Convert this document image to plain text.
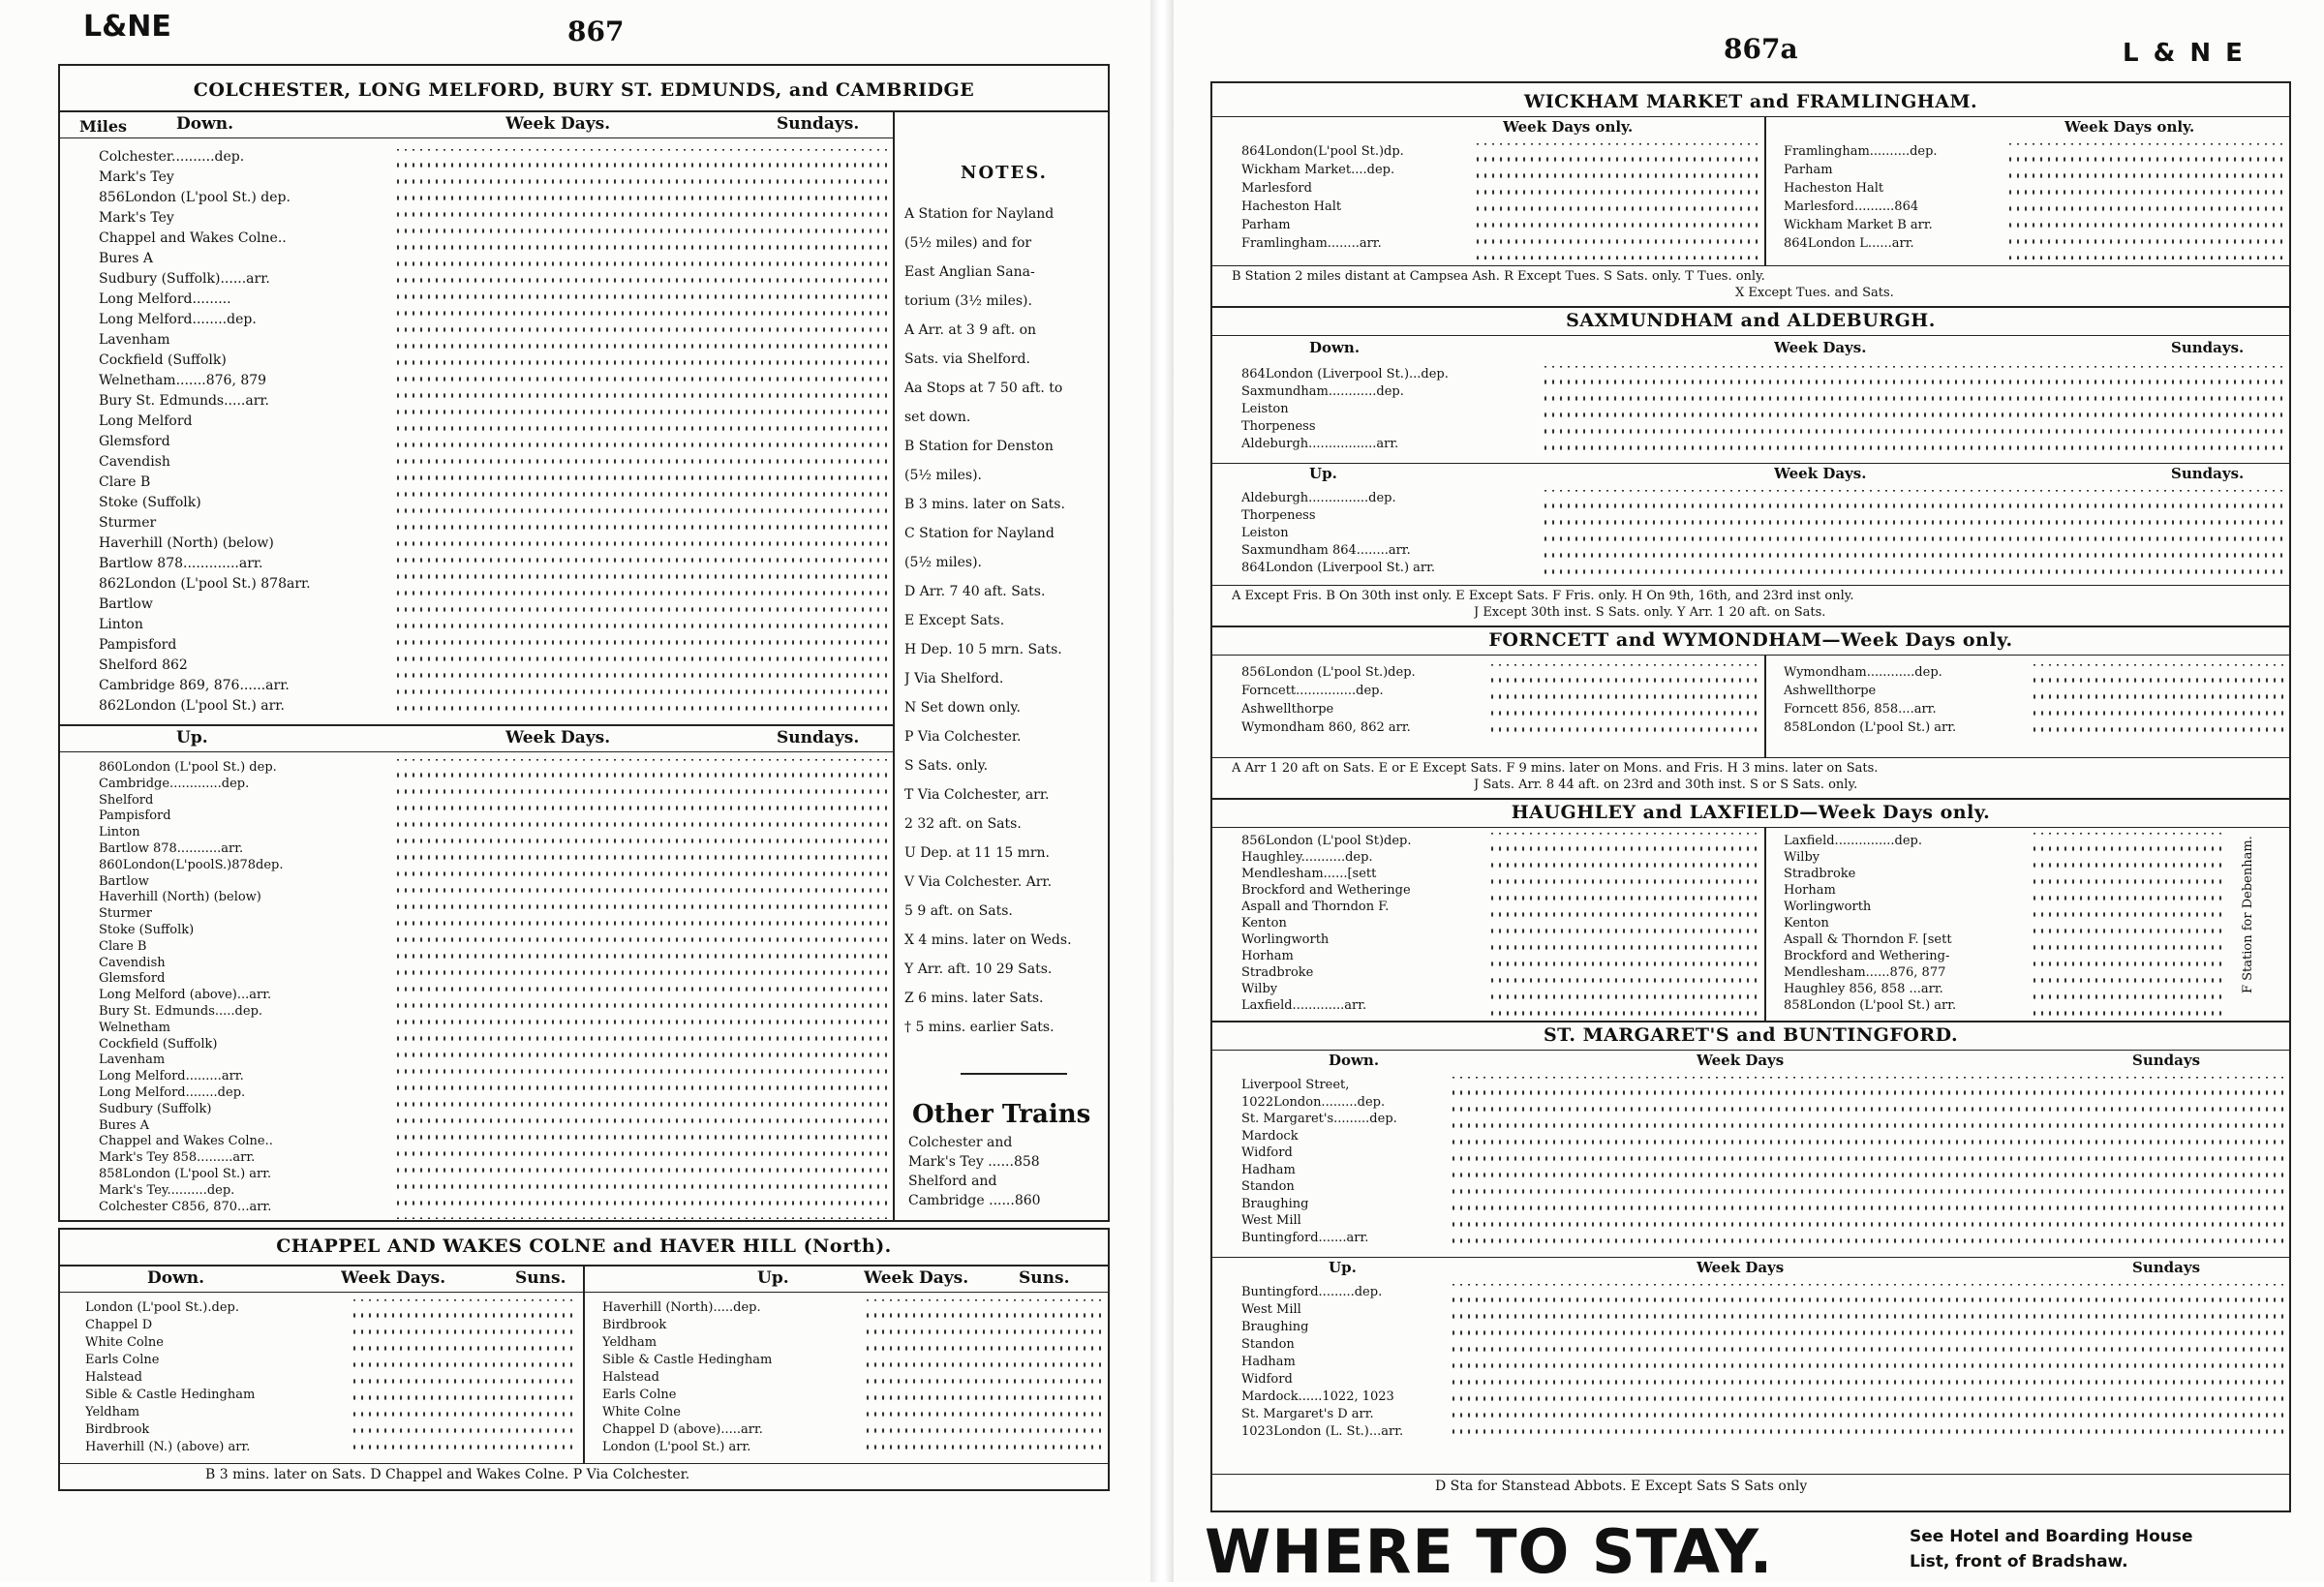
L&NE	867
COLCHESTER, LONG MELFORD, BURY ST. EDMUNDS, and CAMBRIDGE
Miles	Down.	Week Days.	Sundays.
Colchester..........dep.
Mark's Tey
856London (L'pool St.) dep.
Mark's Tey
Chappel and Wakes Colne..
Bures A
Sudbury (Suffolk)......arr.
Long Melford.........
Long Melford........dep.
Lavenham
Cockfield (Suffolk)
Welnetham.......876, 879
Bury St. Edmunds.....arr.
Long Melford
Glemsford
Cavendish
Clare B
Stoke (Suffolk)
Sturmer
Haverhill (North) (below)
Bartlow 878.............arr.
862London (L'pool St.) 878arr.
Bartlow
Linton
Pampisford
Shelford 862
Cambridge 869, 876......arr.
862London (L'pool St.) arr.
Up.	Week Days.	Sundays.
860London (L'pool St.) dep.
Cambridge.............dep.
Shelford
Pampisford
Linton
Bartlow 878...........arr.
860London(L'poolS.)878dep.
Bartlow
Haverhill (North) (below)
Sturmer
Stoke (Suffolk)
Clare B
Cavendish
Glemsford
Long Melford (above)...arr.
Bury St. Edmunds.....dep.
Welnetham
Cockfield (Suffolk)
Lavenham
Long Melford.........arr.
Long Melford........dep.
Sudbury (Suffolk)
Bures A
Chappel and Wakes Colne..
Mark's Tey 858.........arr.
858London (L'pool St.) arr.
Mark's Tey..........dep.
Colchester C856, 870...arr.
NOTES.
A Station for Nayland
(5½ miles) and for
East Anglian Sana-
torium (3½ miles).
A Arr. at 3 9 aft. on
Sats. via Shelford.
Aa Stops at 7 50 aft. to
set down.
B Station for Denston
(5½ miles).
B 3 mins. later on Sats.
C Station for Nayland
(5½ miles).
D Arr. 7 40 aft. Sats.
E Except Sats.
H Dep. 10 5 mrn. Sats.
J Via Shelford.
N Set down only.
P Via Colchester.
S Sats. only.
T Via Colchester, arr.
2 32 aft. on Sats.
U Dep. at 11 15 mrn.
V Via Colchester. Arr.
5 9 aft. on Sats.
X 4 mins. later on Weds.
Y Arr. aft. 10 29 Sats.
Z 6 mins. later Sats.
† 5 mins. earlier Sats.
Other Trains
Colchester and
Mark's Tey ......858
Shelford and
Cambridge ......860
CHAPPEL AND WAKES COLNE and HAVER HILL (North).
Down.	Week Days.	Suns.	Up.	Week Days.	Suns.
London (L'pool St.).dep.
Chappel D
White Colne
Earls Colne
Halstead
Sible & Castle Hedingham
Yeldham
Birdbrook
Haverhill (N.) (above) arr.
Haverhill (North).....dep.
Birdbrook
Yeldham
Sible & Castle Hedingham
Halstead
Earls Colne
White Colne
Chappel D (above).....arr.
London (L'pool St.) arr.
B 3 mins. later on Sats. D Chappel and Wakes Colne. P Via Colchester.
867a	L & N E
WICKHAM MARKET and FRAMLINGHAM.
Week Days only.	Week Days only.
864London(L'pool St.)dp.
Wickham Market....dep.
Marlesford
Hacheston Halt
Parham
Framlingham........arr.
Framlingham..........dep.
Parham
Hacheston Halt
Marlesford..........864
Wickham Market B arr.
864London L......arr.
B Station 2 miles distant at Campsea Ash. R Except Tues. S Sats. only. T Tues. only.
X Except Tues. and Sats.
SAXMUNDHAM and ALDEBURGH.
Down.	Week Days.	Sundays.
864London (Liverpool St.)...dep.
Saxmundham............dep.
Leiston
Thorpeness
Aldeburgh.................arr.
Up.	Week Days.	Sundays.
Aldeburgh...............dep.
Thorpeness
Leiston
Saxmundham 864........arr.
864London (Liverpool St.) arr.
A Except Fris. B On 30th inst only. E Except Sats. F Fris. only. H On 9th, 16th, and 23rd inst only.
J Except 30th inst. S Sats. only. Y Arr. 1 20 aft. on Sats.
FORNCETT and WYMONDHAM—Week Days only.
856London (L'pool St.)dep.
Forncett...............dep.
Ashwellthorpe
Wymondham 860, 862 arr.
Wymondham............dep.
Ashwellthorpe
Forncett 856, 858....arr.
858London (L'pool St.) arr.
A Arr 1 20 aft on Sats. E or E Except Sats. F 9 mins. later on Mons. and Fris. H 3 mins. later on Sats.
J Sats. Arr. 8 44 aft. on 23rd and 30th inst. S or S Sats. only.
HAUGHLEY and LAXFIELD—Week Days only.
856London (L'pool St)dep.
Haughley...........dep.
Mendlesham......[sett
Brockford and Wetheringe
Aspall and Thorndon F.
Kenton
Worlingworth
Horham
Stradbroke
Wilby
Laxfield.............arr.
Laxfield...............dep.
Wilby
Stradbroke
Horham
Worlingworth
Kenton
Aspall & Thorndon F. [sett
Brockford and Wethering-
Mendlesham......876, 877
Haughley 856, 858 ...arr.
858London (L'pool St.) arr.
F Station for Debenham.
ST. MARGARET'S and BUNTINGFORD.
Down.	Week Days	Sundays
Liverpool Street,
1022London.........dep.
St. Margaret's.........dep.
Mardock
Widford
Hadham
Standon
Braughing
West Mill
Buntingford.......arr.
Up.	Week Days	Sundays
Buntingford.........dep.
West Mill
Braughing
Standon
Hadham
Widford
Mardock......1022, 1023
St. Margaret's D arr.
1023London (L. St.)...arr.
D Sta for Stanstead Abbots. E Except Sats S Sats only
WHERE TO STAY.	See Hotel and Boarding House
List, front of Bradshaw.
